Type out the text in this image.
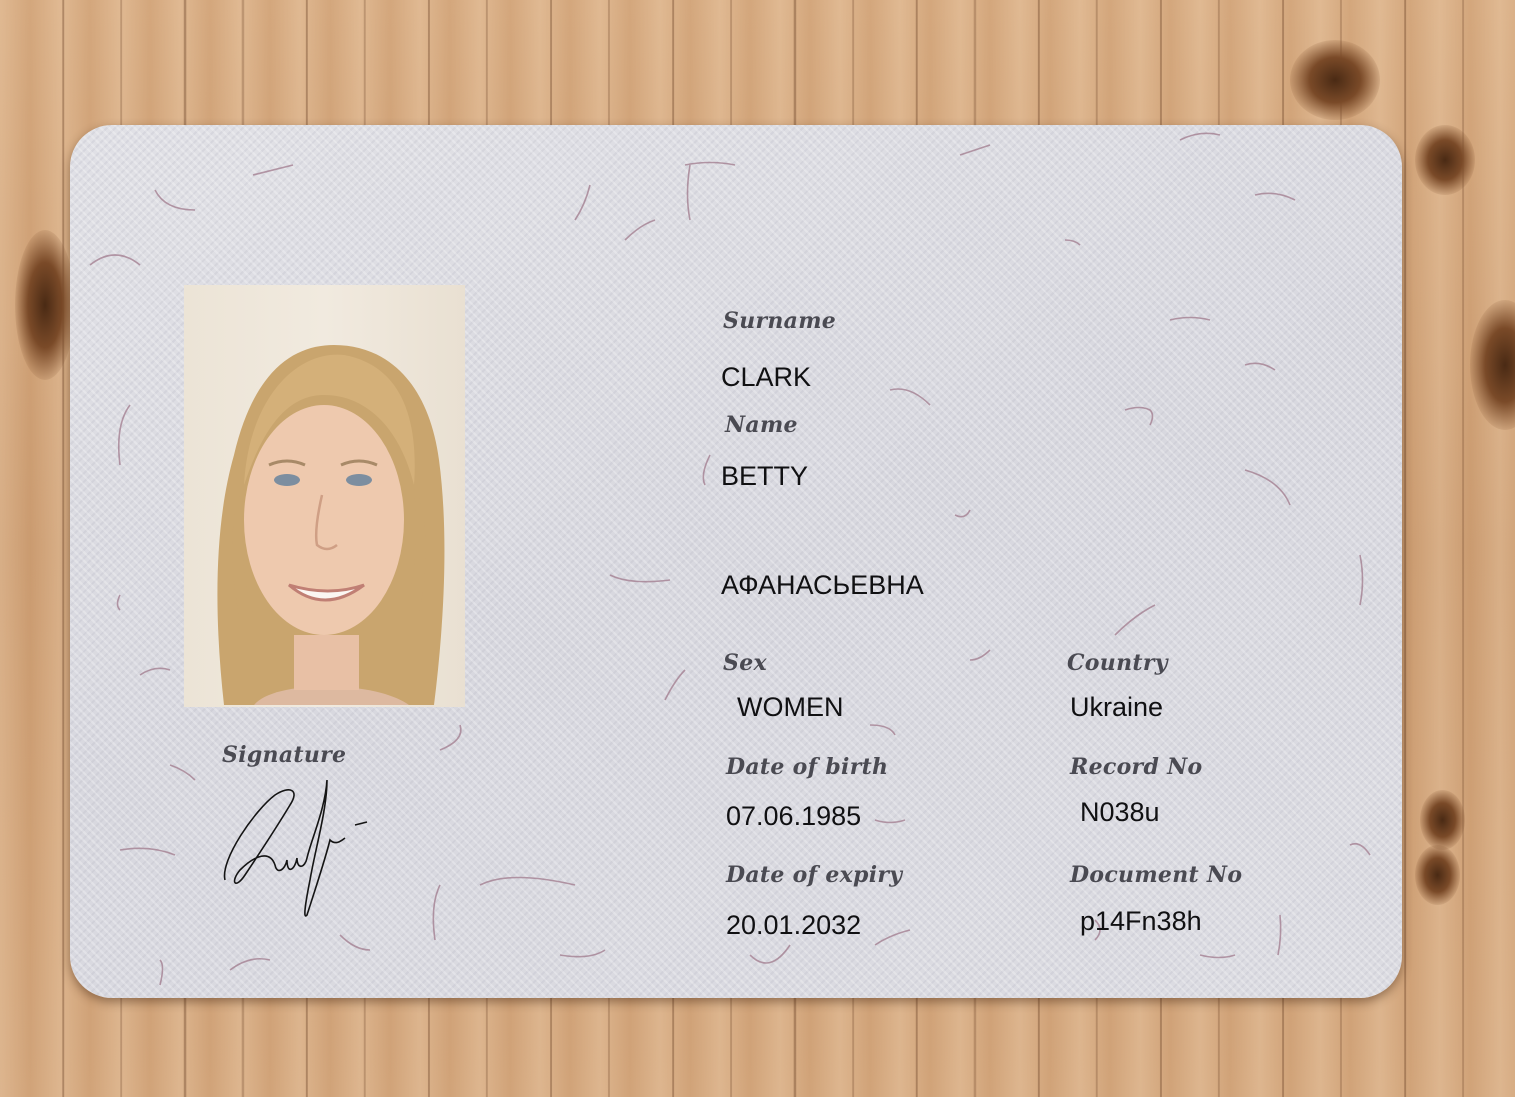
Signature
Surname
CLARK
Name
BETTY
АФАНАСЬЕВНА
Sex
WOMEN
Country
Ukraine
Date of birth
07.06.1985
Record No
N038u
Date of expiry
20.01.2032
Document No
p14Fn38h
